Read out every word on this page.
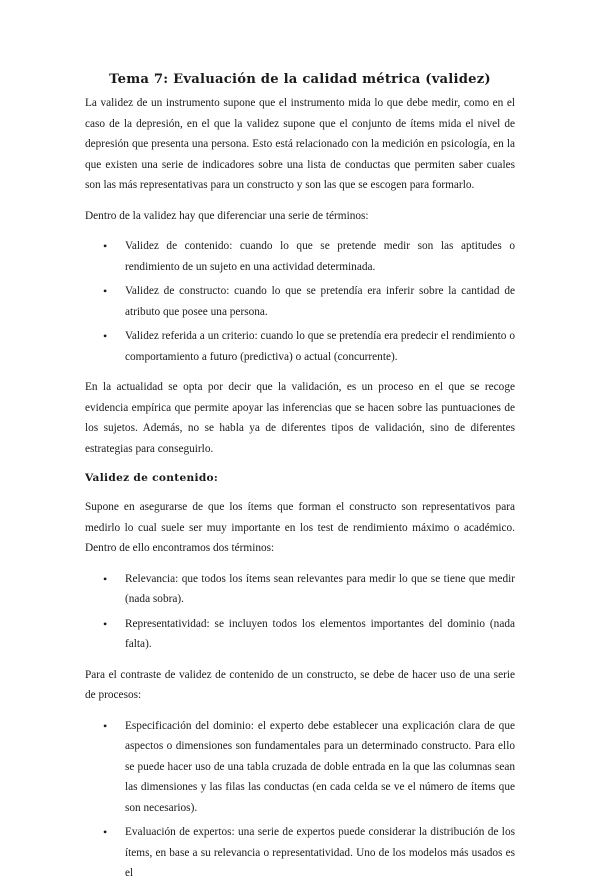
Tema 7: Evaluación de la calidad métrica (validez)

La validez de un instrumento supone que el instrumento mida lo que debe medir, como en el caso de la depresión, en el que la validez supone que el conjunto de ítems mida el nivel de depresión que presenta una persona. Esto está relacionado con la medición en psicología, en la que existen una serie de indicadores sobre una lista de conductas que permiten saber cuales son las más representativas para un constructo y son las que se escogen para formarlo.

Dentro de la validez hay que diferenciar una serie de términos:

• Validez de contenido: cuando lo que se pretende medir son las aptitudes o rendimiento de un sujeto en una actividad determinada.
• Validez de constructo: cuando lo que se pretendía era inferir sobre la cantidad de atributo que posee una persona.
• Validez referida a un criterio: cuando lo que se pretendía era predecir el rendimiento o comportamiento a futuro (predictiva) o actual (concurrente).

En la actualidad se opta por decir que la validación, es un proceso en el que se recoge evidencia empírica que permite apoyar las inferencias que se hacen sobre las puntuaciones de los sujetos. Además, no se habla ya de diferentes tipos de validación, sino de diferentes estrategias para conseguirlo.

Validez de contenido:

Supone en asegurarse de que los ítems que forman el constructo son representativos para medirlo lo cual suele ser muy importante en los test de rendimiento máximo o académico. Dentro de ello encontramos dos términos:

• Relevancia: que todos los ítems sean relevantes para medir lo que se tiene que medir (nada sobra).
• Representatividad: se incluyen todos los elementos importantes del dominio (nada falta).

Para el contraste de validez de contenido de un constructo, se debe de hacer uso de una serie de procesos:

• Especificación del dominio: el experto debe establecer una explicación clara de que aspectos o dimensiones son fundamentales para un determinado constructo. Para ello se puede hacer uso de una tabla cruzada de doble entrada en la que las columnas sean las dimensiones y las filas las conductas (en cada celda se ve el número de ítems que son necesarios).
• Evaluación de expertos: una serie de expertos puede considerar la distribución de los ítems, en base a su relevancia o representatividad. Uno de los modelos más usados es el
